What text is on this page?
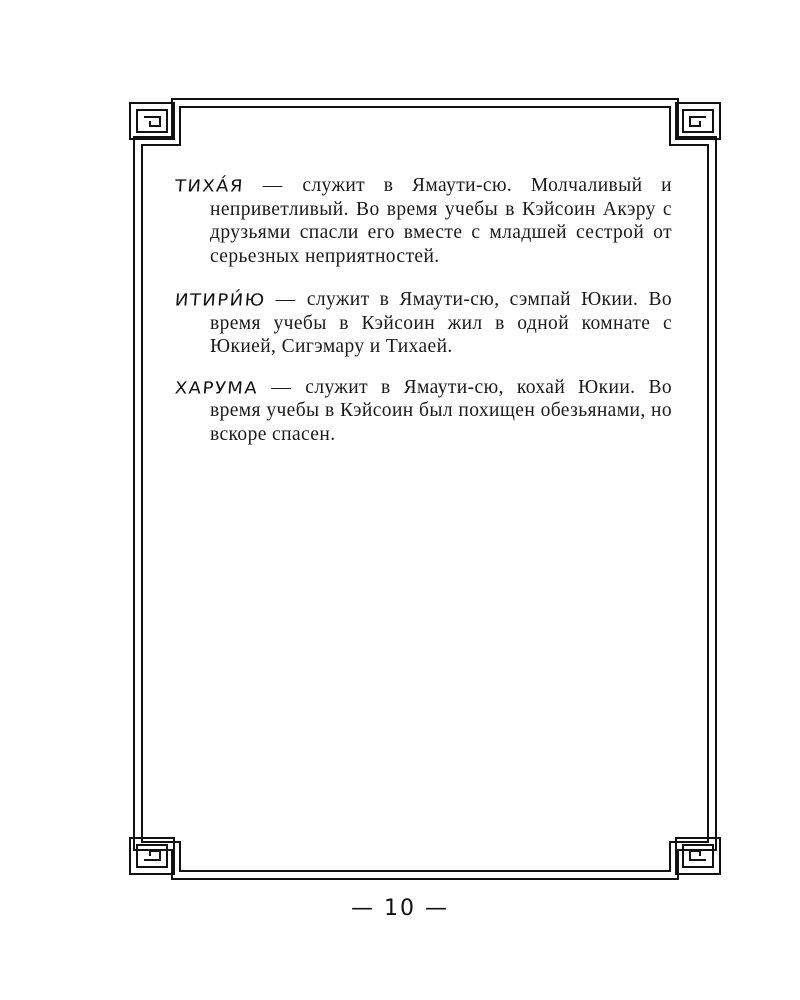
ТИХА́Я — служит в Ямаути-сю. Молчаливый и неприветливый. Во время учебы в Кэйсоин Акэру с друзьями спасли его вместе с младшей сестрой от серьезных неприятностей.

ИТИРИ́Ю — служит в Ямаути-сю, сэмпай Юкии. Во время учебы в Кэйсоин жил в одной комнате с Юкией, Сигэмару и Тихаей.

ХАРУМА — служит в Ямаути-сю, кохай Юкии. Во время учебы в Кэйсоин был похищен обезьянами, но вскоре спасен.

— 10 —
